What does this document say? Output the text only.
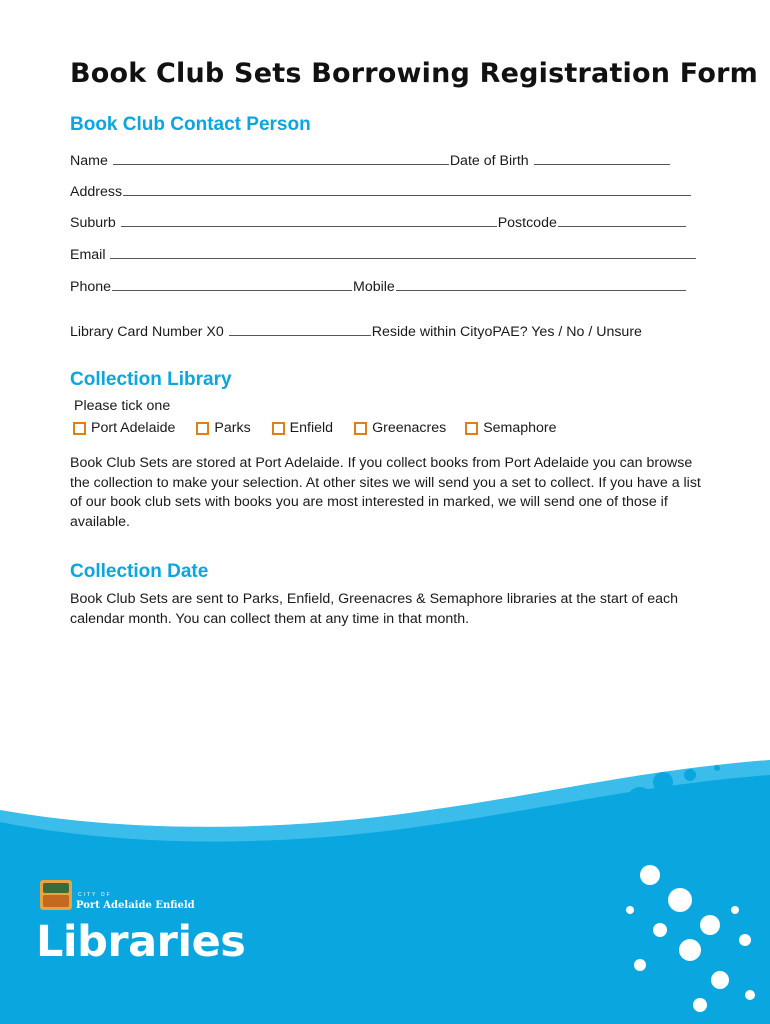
Book Club Sets Borrowing Registration Form
Book Club Contact Person
Name	Date of Birth
Address
Suburb	Postcode
Email
Phone	Mobile
Library Card Number X0	Reside within CityoPAE? Yes / No / Unsure
Collection Library
Please tick one
Port Adelaide	Parks	Enfield	Greenacres	Semaphore
Book Club Sets are stored at Port Adelaide. If you collect books from Port Adelaide you can browse the collection to make your selection. At other sites we will send you a set to collect. If you have a list of our book club sets with books you are most interested in marked, we will send one of those if available.
Collection Date
Book Club Sets are sent to Parks, Enfield, Greenacres & Semaphore libraries at the start of each calendar month. You can collect them at any time in that month.
CITY OF
Port Adelaide Enfield
Libraries
